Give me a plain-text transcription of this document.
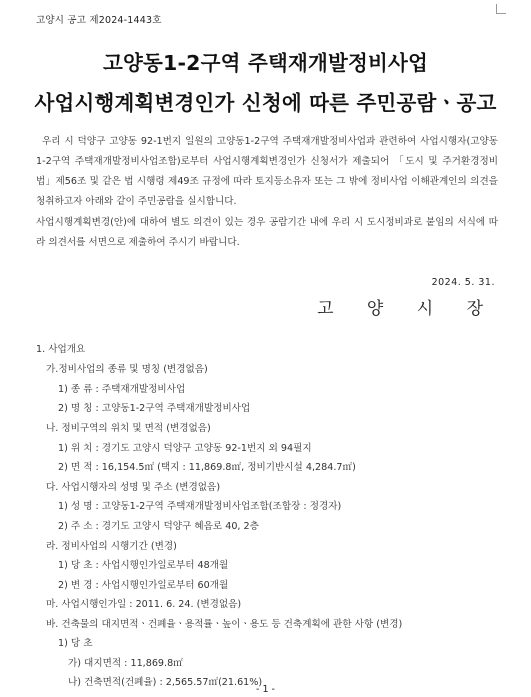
고양시 공고 제2024-1443호
고양동1-2구역 주택재개발정비사업
사업시행계획변경인가 신청에 따른 주민공람ㆍ공고
우리 시 덕양구 고양동 92-1번지 일원의 고양동1-2구역 주택재개발정비사업과 관련하여 사업시행자(고양동1-2구역 주택재개발정비사업조합)로부터 사업시행계획변경인가 신청서가 제출되어 「도시 및 주거환경정비법」제56조 및 같은 법 시행령 제49조 규정에 따라 토지등소유자 또는 그 밖에 정비사업 이해관계인의 의견을 청취하고자 아래와 같이 주민공람을 실시합니다.
사업시행계획변경(안)에 대하여 별도 의견이 있는 경우 공람기간 내에 우리 시 도시정비과로 붙임의 서식에 따라 의견서를 서면으로 제출하여 주시기 바랍니다.
2024. 5. 31.
고 양 시 장
1. 사업개요
가.정비사업의 종류 및 명칭 (변경없음)
1) 종 류 : 주택재개발정비사업
2) 명 칭 : 고양동1-2구역 주택재개발정비사업
나. 정비구역의 위치 및 면적 (변경없음)
1) 위 치 : 경기도 고양시 덕양구 고양동 92-1번지 외 94필지
2) 면 적 : 16,154.5㎡ (택지 : 11,869.8㎡, 정비기반시설 4,284.7㎡)
다. 사업시행자의 성명 및 주소 (변경없음)
1) 성 명 : 고양동1-2구역 주택재개발정비사업조합(조합장 : 정경자)
2) 주 소 : 경기도 고양시 덕양구 혜음로 40, 2층
라. 정비사업의 시행기간 (변경)
1) 당 초 : 사업시행인가일로부터 48개월
2) 변 경 : 사업시행인가일로부터 60개월
마. 사업시행인가일 : 2011. 6. 24. (변경없음)
바. 건축물의 대지면적ㆍ건폐율ㆍ용적률ㆍ높이ㆍ용도 등 건축계획에 관한 사항 (변경)
1) 당 초
가) 대지면적 : 11,869.8㎡
나) 건축면적(건폐율) : 2,565.57㎡(21.61%)
- 1 -
